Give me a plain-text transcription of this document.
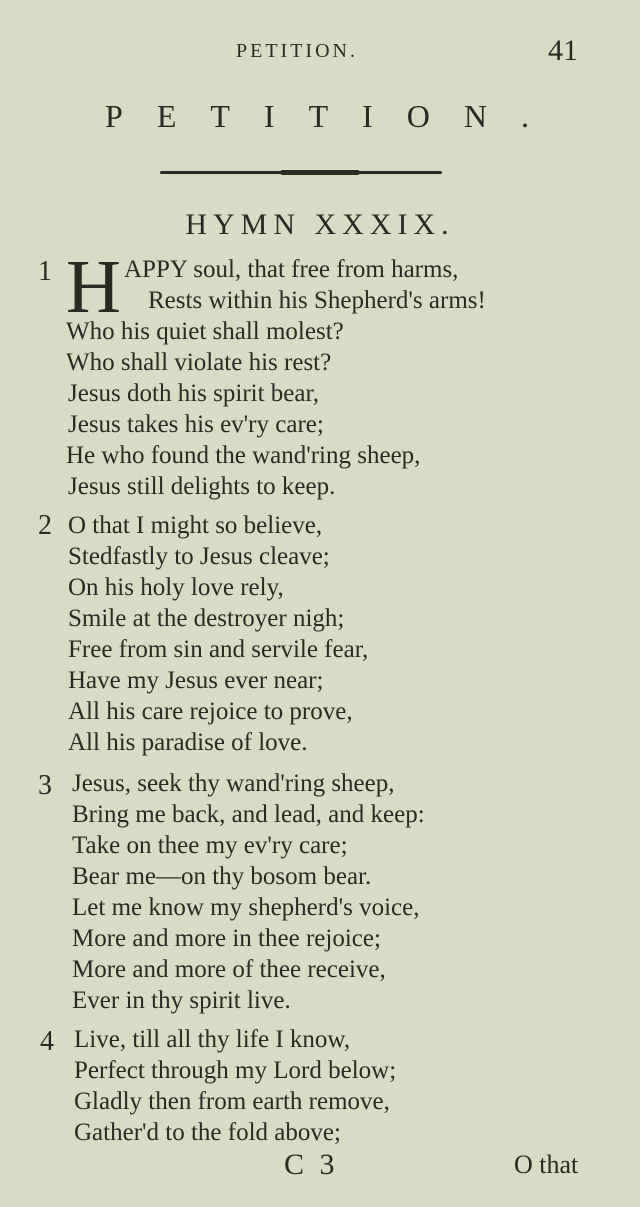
PETITION.	41
PETITION.
HYMN XXXIX.
1 H APPY soul, that free from harms,
Rests within his Shepherd's arms!
Who his quiet shall molest?
Who shall violate his rest?
Jesus doth his spirit bear,
Jesus takes his ev'ry care;
He who found the wand'ring sheep,
Jesus still delights to keep.
2 O that I might so believe,
Stedfastly to Jesus cleave;
On his holy love rely,
Smile at the destroyer nigh;
Free from sin and servile fear,
Have my Jesus ever near;
All his care rejoice to prove,
All his paradise of love.
3 Jesus, seek thy wand'ring sheep,
Bring me back, and lead, and keep:
Take on thee my ev'ry care;
Bear me—on thy bosom bear.
Let me know my shepherd's voice,
More and more in thee rejoice;
More and more of thee receive,
Ever in thy spirit live.
4 Live, till all thy life I know,
Perfect through my Lord below;
Gladly then from earth remove,
Gather'd to the fold above;
C 3	O that
